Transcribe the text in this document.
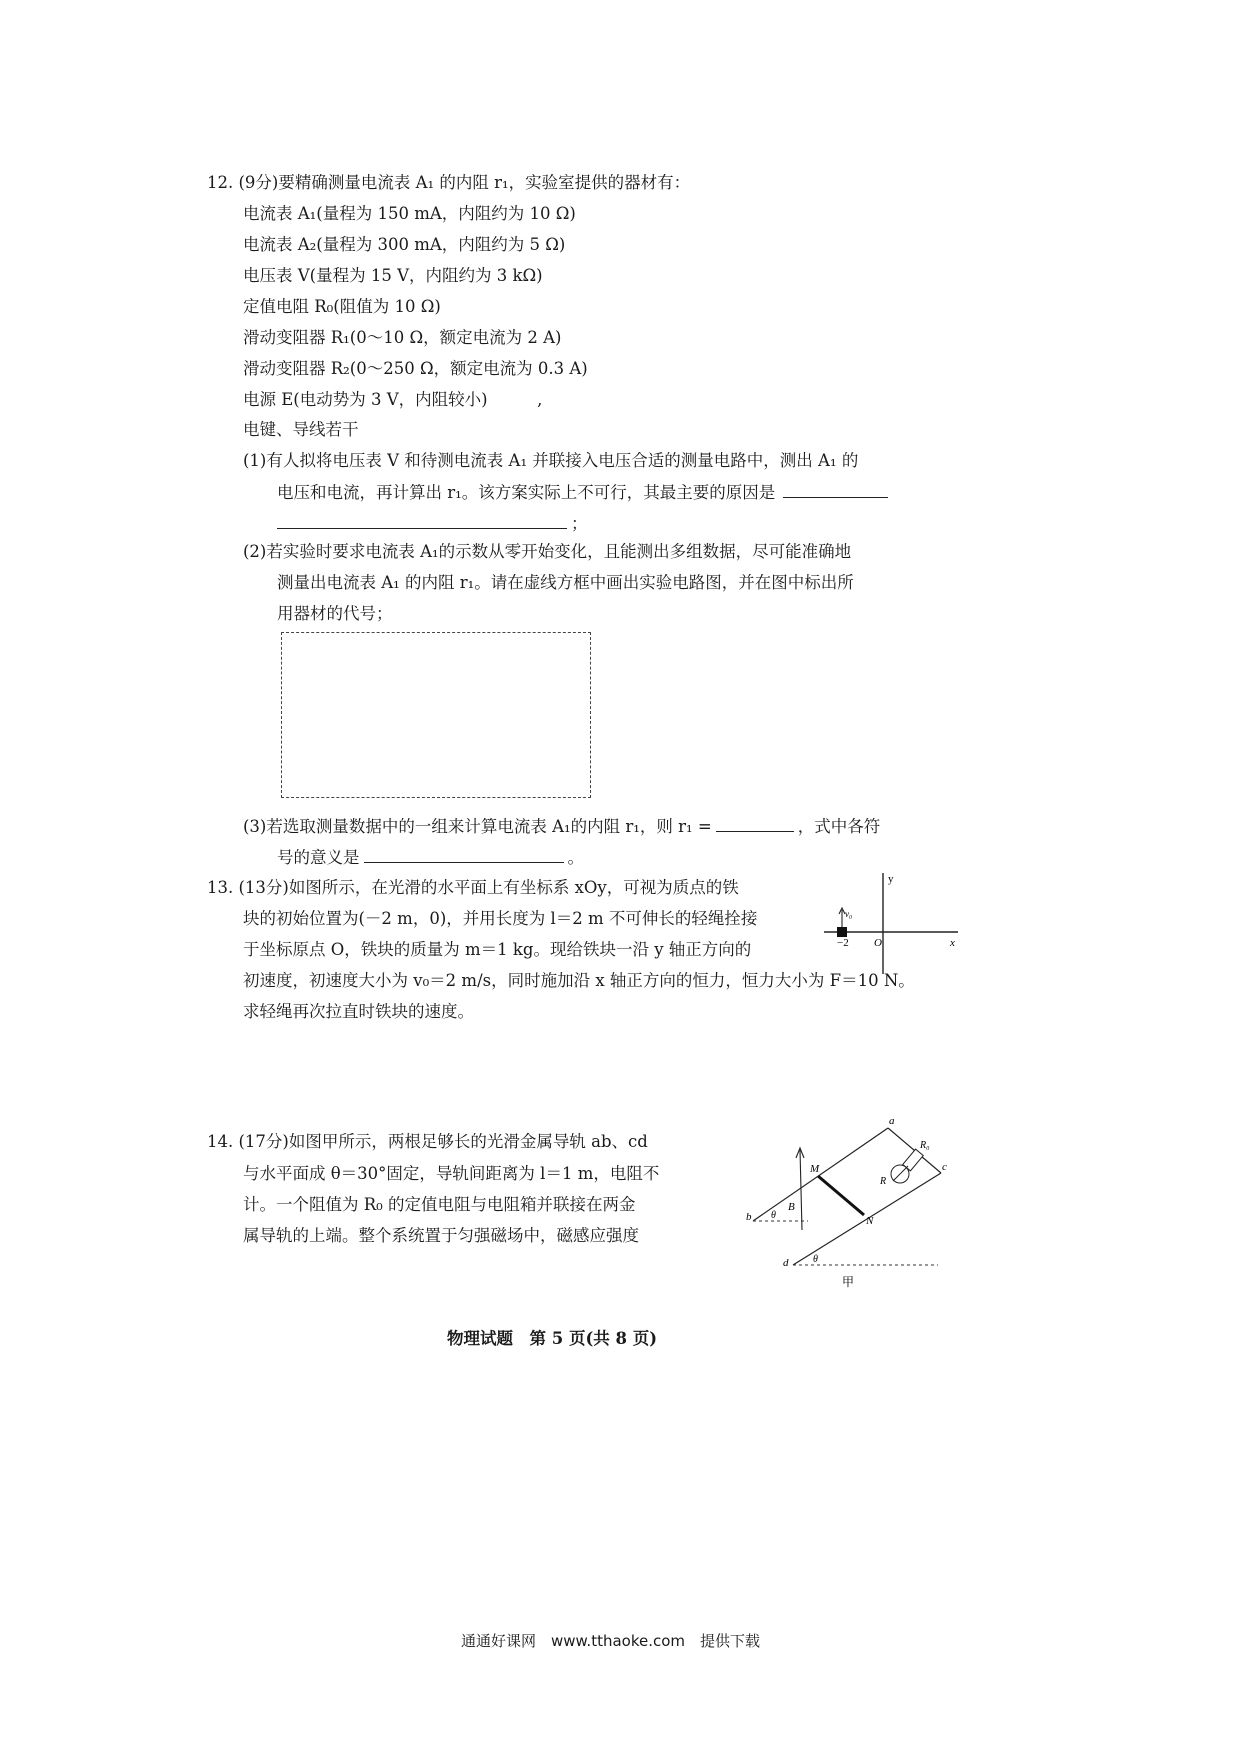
12. (9分)要精确测量电流表 A₁ 的内阻 r₁，实验室提供的器材有：
电流表 A₁(量程为 150 mA，内阻约为 10 Ω)
电流表 A₂(量程为 300 mA，内阻约为 5 Ω)
电压表 V(量程为 15 V，内阻约为 3 kΩ)
定值电阻 R₀(阻值为 10 Ω)
滑动变阻器 R₁(0～10 Ω，额定电流为 2 A)
滑动变阻器 R₂(0～250 Ω，额定电流为 0.3 A)
电源 E(电动势为 3 V，内阻较小)　　　,
电键、导线若干
(1)有人拟将电压表 V 和待测电流表 A₁ 并联接入电压合适的测量电路中，测出 A₁ 的
电压和电流，再计算出 r₁。该方案实际上不可行，其最主要的原因是
；
(2)若实验时要求电流表 A₁的示数从零开始变化，且能测出多组数据，尽可能准确地
测量出电流表 A₁ 的内阻 r₁。请在虚线方框中画出实验电路图，并在图中标出所
用器材的代号；
(3)若选取测量数据中的一组来计算电流表 A₁的内阻 r₁，则 r₁ =	，式中各符
号的意义是	。
13. (13分)如图所示，在光滑的水平面上有坐标系 xOy，可视为质点的铁
块的初始位置为(－2 m，0)，并用长度为 l＝2 m 不可伸长的轻绳拴接
于坐标原点 O，铁块的质量为 m＝1 kg。现给铁块一沿 y 轴正方向的
初速度，初速度大小为 v₀＝2 m/s，同时施加沿 x 轴正方向的恒力，恒力大小为 F＝10 N。
求轻绳再次拉直时铁块的速度。
y
x
O
−2
v₀
14. (17分)如图甲所示，两根足够长的光滑金属导轨 ab、cd
与水平面成 θ＝30°固定，导轨间距离为 l＝1 m，电阻不
计。一个阻值为 R₀ 的定值电阻与电阻箱并联接在两金
属导轨的上端。整个系统置于匀强磁场中，磁感应强度
a
b
c
d
M
N
B
R
R₀
θ
θ
甲
物理试题　第 5 页(共 8 页)
通通好课网　www.tthaoke.com　提供下载
